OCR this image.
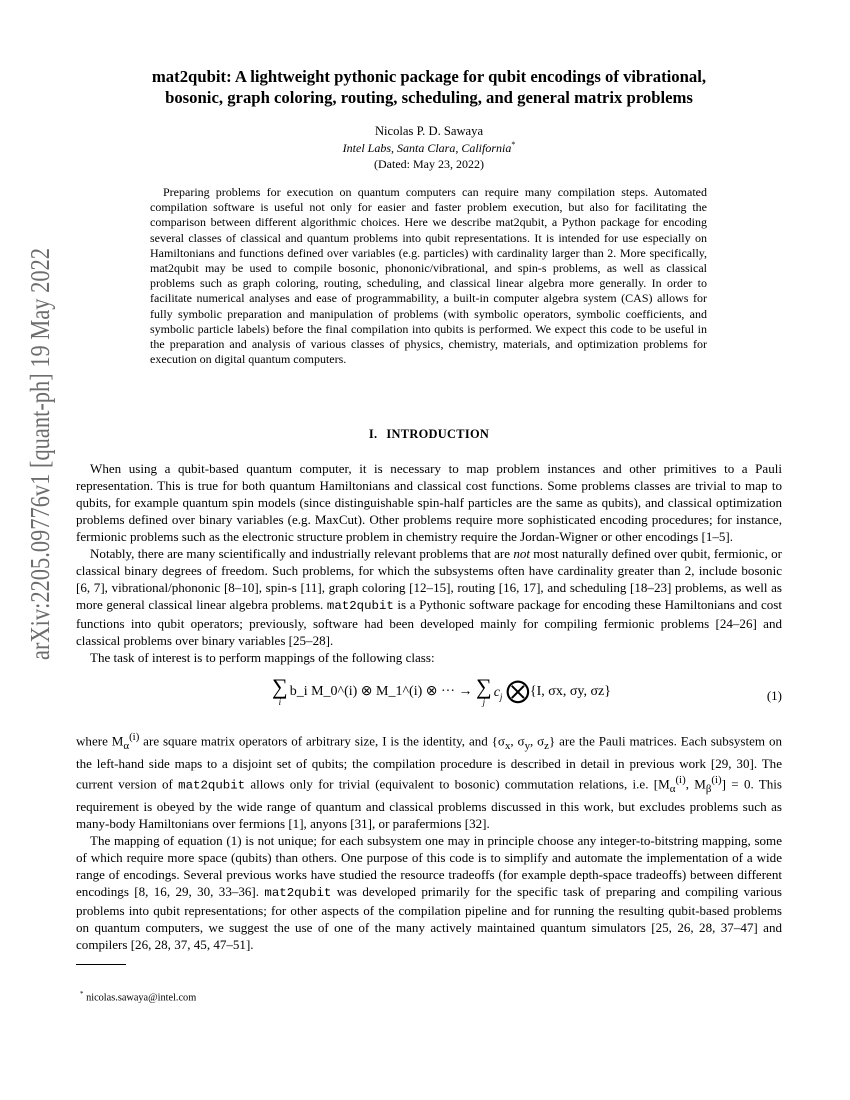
arXiv:2205.09776v1 [quant-ph] 19 May 2022
mat2qubit: A lightweight pythonic package for qubit encodings of vibrational,
bosonic, graph coloring, routing, scheduling, and general matrix problems
Nicolas P. D. Sawaya
Intel Labs, Santa Clara, California*
(Dated: May 23, 2022)
Preparing problems for execution on quantum computers can require many compilation steps. Automated compilation software is useful not only for easier and faster problem execution, but also for facilitating the comparison between different algorithmic choices. Here we describe mat2qubit, a Python package for encoding several classes of classical and quantum problems into qubit representations. It is intended for use especially on Hamiltonians and functions defined over variables (e.g. particles) with cardinality larger than 2. More specifically, mat2qubit may be used to compile bosonic, phononic/vibrational, and spin-s problems, as well as classical problems such as graph coloring, routing, scheduling, and classical linear algebra more generally. In order to facilitate numerical analyses and ease of programmability, a built-in computer algebra system (CAS) allows for fully symbolic preparation and manipulation of problems (with symbolic operators, symbolic coefficients, and symbolic particle labels) before the final compilation into qubits is performed. We expect this code to be useful in the preparation and analysis of various classes of physics, chemistry, materials, and optimization problems for execution on digital quantum computers.
I. INTRODUCTION

When using a qubit-based quantum computer, it is necessary to map problem instances and other primitives to a Pauli representation. This is true for both quantum Hamiltonians and classical cost functions. Some problems classes are trivial to map to qubits, for example quantum spin models (since distinguishable spin-half particles are the same as qubits), and classical optimization problems defined over binary variables (e.g. MaxCut). Other problems require more sophisticated encoding procedures; for instance, fermionic problems such as the electronic structure problem in chemistry require the Jordan-Wigner or other encodings [1–5].

Notably, there are many scientifically and industrially relevant problems that are not most naturally defined over qubit, fermionic, or classical binary degrees of freedom. Such problems, for which the subsystems often have cardinality greater than 2, include bosonic [6, 7], vibrational/phononic [8–10], spin-s [11], graph coloring [12–15], routing [16, 17], and scheduling [18–23] problems, as well as more general classical linear algebra problems. mat2qubit is a Pythonic software package for encoding these Hamiltonians and cost functions into qubit operators; previously, software had been developed mainly for compiling fermionic problems [24–26] and classical problems over binary variables [25–28].

The task of interest is to perform mappings of the following class:

∑
i
b_i M_0^(i) ⊗ M_1^(i) ⊗ ··· → ∑
j
$c_j$ ⨂{I, σx, σy, σz}	(1)

where $M_\alpha^{(i)}$ are square matrix operators of arbitrary size, I is the identity, and {$\sigma_x$, $\sigma_y$, $\sigma_z$} are the Pauli matrices. Each subsystem on the left-hand side maps to a disjoint set of qubits; the compilation procedure is described in detail in previous work [29, 30]. The current version of mat2qubit allows only for trivial (equivalent to bosonic) commutation relations, i.e. [$M_\alpha^{(i)}$, $M_\beta^{(i)}] = 0$. This requirement is obeyed by the wide range of quantum and classical problems discussed in this work, but excludes problems such as many-body Hamiltonians over fermions [1], anyons [31], or parafermions [32].

The mapping of equation (1) is not unique; for each subsystem one may in principle choose any integer-to-bitstring mapping, some of which require more space (qubits) than others. One purpose of this code is to simplify and automate the implementation of a wide range of encodings. Several previous works have studied the resource tradeoffs (for example depth-space tradeoffs) between different encodings [8, 16, 29, 30, 33–36]. mat2qubit was developed primarily for the specific task of preparing and compiling various problems into qubit representations; for other aspects of the compilation pipeline and for running the resulting qubit-based problems on quantum computers, we suggest the use of one of the many actively maintained quantum simulators [25, 26, 28, 37–47] and compilers [26, 28, 37, 45, 47–51].

* nicolas.sawaya@intel.com
